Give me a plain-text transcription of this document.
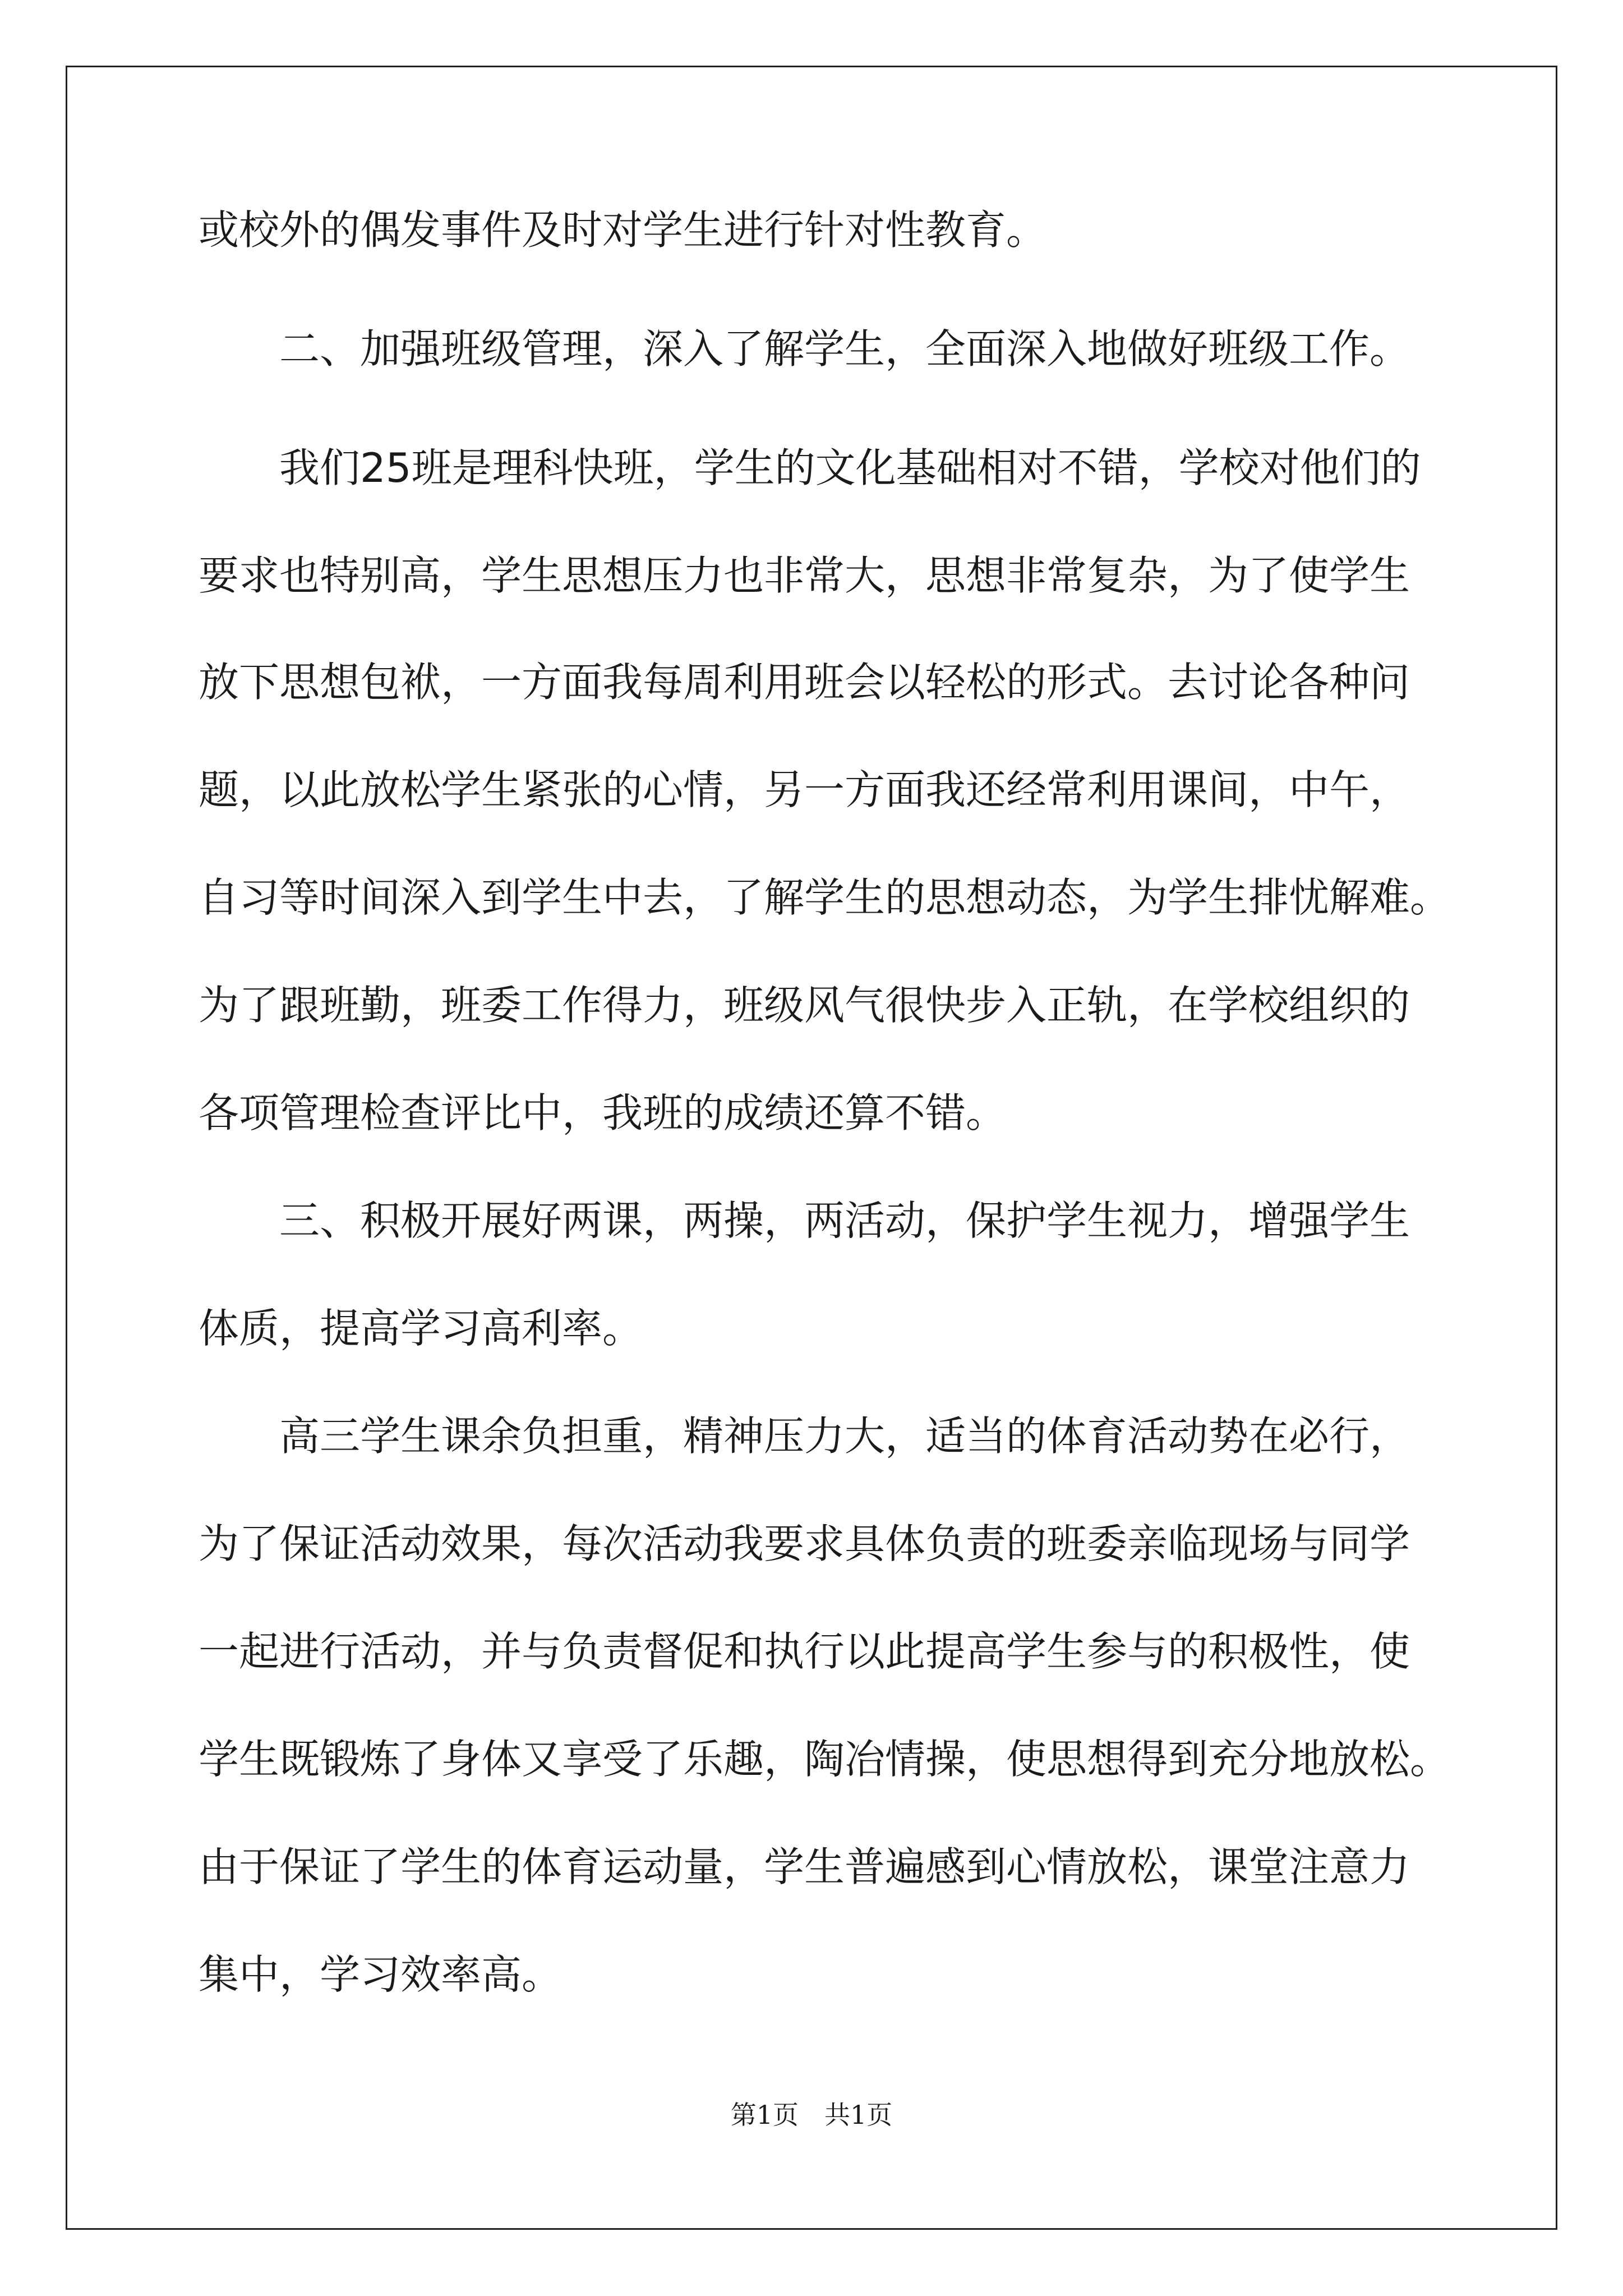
或校外的偶发事件及时对学生进行针对性教育。
　　二、加强班级管理，深入了解学生，全面深入地做好班级工作。
　　我们25班是理科快班，学生的文化基础相对不错，学校对他们的
要求也特别高，学生思想压力也非常大，思想非常复杂，为了使学生
放下思想包袱，一方面我每周利用班会以轻松的形式。去讨论各种问
题，以此放松学生紧张的心情，另一方面我还经常利用课间，中午，
自习等时间深入到学生中去，了解学生的思想动态，为学生排忧解难。
为了跟班勤，班委工作得力，班级风气很快步入正轨，在学校组织的
各项管理检查评比中，我班的成绩还算不错。
　　三、积极开展好两课，两操，两活动，保护学生视力，增强学生
体质，提高学习高利率。
　　高三学生课余负担重，精神压力大，适当的体育活动势在必行，
为了保证活动效果，每次活动我要求具体负责的班委亲临现场与同学
一起进行活动，并与负责督促和执行以此提高学生参与的积极性，使
学生既锻炼了身体又享受了乐趣，陶冶情操，使思想得到充分地放松。
由于保证了学生的体育运动量，学生普遍感到心情放松，课堂注意力
集中，学习效率高。
第1页　共1页
